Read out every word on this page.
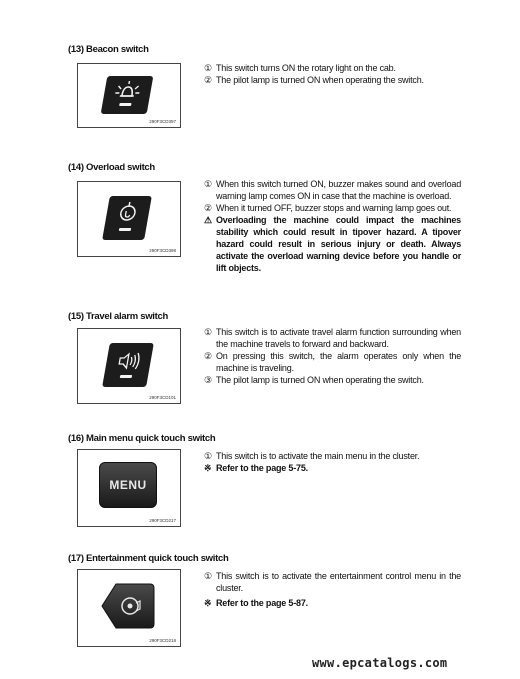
(13) Beacon switch
290F3CD397
① This switch turns ON the rotary light on the cab.
② The pilot lamp is turned ON when operating the switch.
(14) Overload switch
290F3CD398
① When this switch turned ON, buzzer makes sound and overload warning lamp comes ON in case that the machine is overload.
② When it turned OFF, buzzer stops and warning lamp goes out.
⚠ Overloading the machine could impact the machines stability which could result in tipover hazard. A tipover hazard could result in serious injury or death. Always activate the overload warning device before you handle or lift objects.
(15) Travel alarm switch
290F3CD101
① This switch is to activate travel alarm function surrounding when the machine travels to forward and backward.
② On pressing this switch, the alarm operates only when the machine is traveling.
③ The pilot lamp is turned ON when operating the switch.
(16) Main menu quick touch switch
MENU
290F3CD217
① This switch is to activate the main menu in the cluster.
※ Refer to the page 5-75.
(17) Entertainment quick touch switch
290F3CD218
① This switch is to activate the entertainment control menu in the cluster.
※ Refer to the page 5-87.
www.epcatalogs.com
